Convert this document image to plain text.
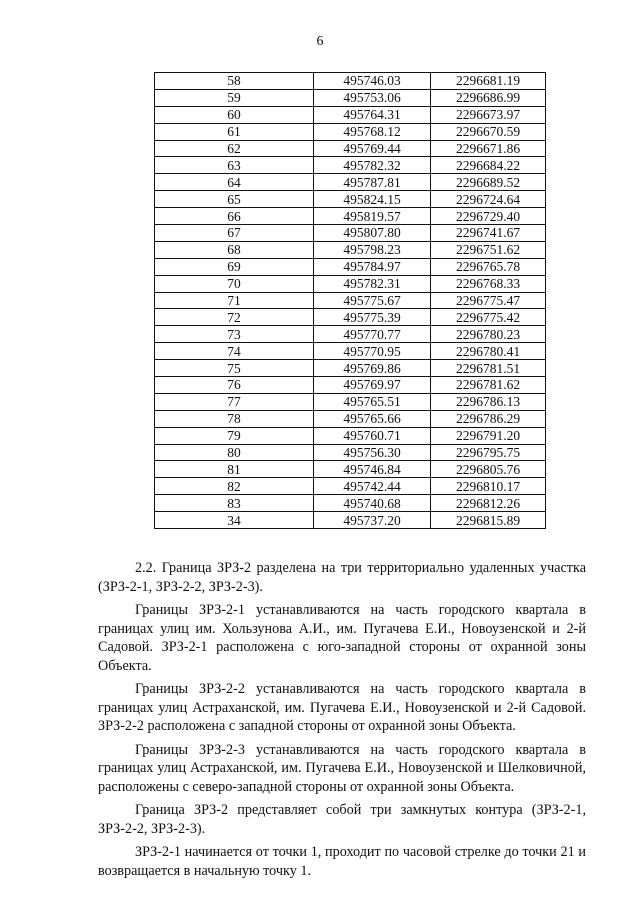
6
58	495746.03	2296681.19
59	495753.06	2296686.99
60	495764.31	2296673.97
61	495768.12	2296670.59
62	495769.44	2296671.86
63	495782.32	2296684.22
64	495787.81	2296689.52
65	495824.15	2296724.64
66	495819.57	2296729.40
67	495807.80	2296741.67
68	495798.23	2296751.62
69	495784.97	2296765.78
70	495782.31	2296768.33
71	495775.67	2296775.47
72	495775.39	2296775.42
73	495770.77	2296780.23
74	495770.95	2296780.41
75	495769.86	2296781.51
76	495769.97	2296781.62
77	495765.51	2296786.13
78	495765.66	2296786.29
79	495760.71	2296791.20
80	495756.30	2296795.75
81	495746.84	2296805.76
82	495742.44	2296810.17
83	495740.68	2296812.26
34	495737.20	2296815.89

2.2. Граница ЗРЗ-2 разделена на три территориально удаленных участка (ЗРЗ-2-1, ЗРЗ-2-2, ЗРЗ-2-3).

Границы ЗРЗ-2-1 устанавливаются на часть городского квартала в границах улиц им. Хользунова А.И., им. Пугачева Е.И., Новоузенской и 2-й Садовой. ЗРЗ-2-1 расположена с юго-западной стороны от охранной зоны Объекта.

Границы ЗРЗ-2-2 устанавливаются на часть городского квартала в границах улиц Астраханской, им. Пугачева Е.И., Новоузенской и 2-й Садовой. ЗРЗ-2-2 расположена с западной стороны от охранной зоны Объекта.

Границы ЗРЗ-2-3 устанавливаются на часть городского квартала в границах улиц Астраханской, им. Пугачева Е.И., Новоузенской и Шелковичной, расположены с северо-западной стороны от охранной зоны Объекта.

Граница ЗРЗ-2 представляет собой три замкнутых контура (ЗРЗ-2-1, ЗРЗ-2-2, ЗРЗ-2-3).

ЗРЗ-2-1 начинается от точки 1, проходит по часовой стрелке до точки 21 и возвращается в начальную точку 1.
